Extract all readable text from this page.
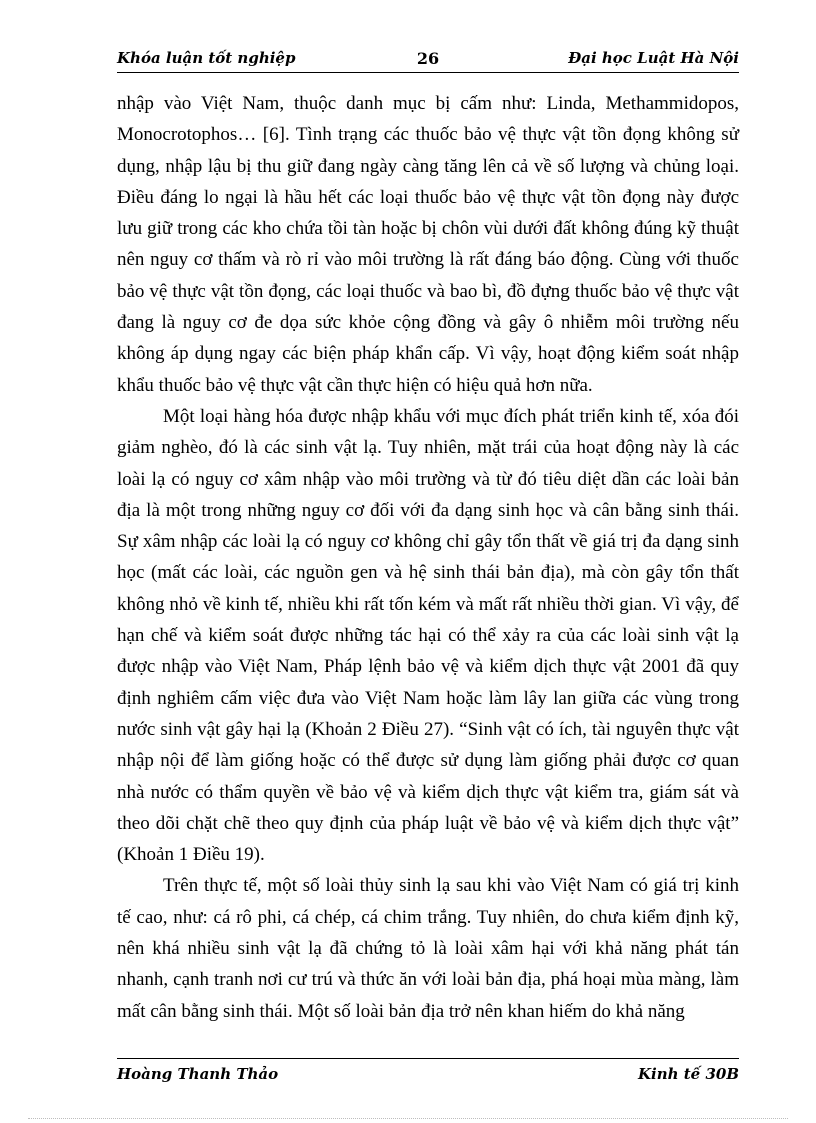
Khóa luận tốt nghiệp	26	Đại học Luật Hà Nội

nhập vào Việt Nam, thuộc danh mục bị cấm như: Linda, Methammidopos, Monocrotophos… [6]. Tình trạng các thuốc bảo vệ thực vật tồn đọng không sử dụng, nhập lậu bị thu giữ đang ngày càng tăng lên cả về số lượng và chủng loại. Điều đáng lo ngại là hầu hết các loại thuốc bảo vệ thực vật tồn đọng này được lưu giữ trong các kho chứa tồi tàn hoặc bị chôn vùi dưới đất không đúng kỹ thuật nên nguy cơ thấm và rò rỉ vào môi trường là rất đáng báo động. Cùng với thuốc bảo vệ thực vật tồn đọng, các loại thuốc và bao bì, đồ đựng thuốc bảo vệ thực vật đang là nguy cơ đe dọa sức khỏe cộng đồng và gây ô nhiễm môi trường nếu không áp dụng ngay các biện pháp khẩn cấp. Vì vậy, hoạt động kiểm soát nhập khẩu thuốc bảo vệ thực vật cần thực hiện có hiệu quả hơn nữa.

Một loại hàng hóa được nhập khẩu với mục đích phát triển kinh tế, xóa đói giảm nghèo, đó là các sinh vật lạ. Tuy nhiên, mặt trái của hoạt động này là các loài lạ có nguy cơ xâm nhập vào môi trường và từ đó tiêu diệt dần các loài bản địa là một trong những nguy cơ đối với đa dạng sinh học và cân bằng sinh thái. Sự xâm nhập các loài lạ có nguy cơ không chỉ gây tổn thất về giá trị đa dạng sinh học (mất các loài, các nguồn gen và hệ sinh thái bản địa), mà còn gây tổn thất không nhỏ về kinh tế, nhiều khi rất tốn kém và mất rất nhiều thời gian. Vì vậy, để hạn chế và kiểm soát được những tác hại có thể xảy ra của các loài sinh vật lạ được nhập vào Việt Nam, Pháp lệnh bảo vệ và kiểm dịch thực vật 2001 đã quy định nghiêm cấm việc đưa vào Việt Nam hoặc làm lây lan giữa các vùng trong nước sinh vật gây hại lạ (Khoản 2 Điều 27). “Sinh vật có ích, tài nguyên thực vật nhập nội để làm giống hoặc có thể được sử dụng làm giống phải được cơ quan nhà nước có thẩm quyền về bảo vệ và kiểm dịch thực vật kiểm tra, giám sát và theo dõi chặt chẽ theo quy định của pháp luật về bảo vệ và kiểm dịch thực vật” (Khoản 1 Điều 19).

Trên thực tế, một số loài thủy sinh lạ sau khi vào Việt Nam có giá trị kinh tế cao, như: cá rô phi, cá chép, cá chim trắng. Tuy nhiên, do chưa kiểm định kỹ, nên khá nhiều sinh vật lạ đã chứng tỏ là loài xâm hại với khả năng phát tán nhanh, cạnh tranh nơi cư trú và thức ăn với loài bản địa, phá hoại mùa màng, làm mất cân bằng sinh thái. Một số loài bản địa trở nên khan hiếm do khả năng

Hoàng Thanh Thảo	Kinh tế 30B
